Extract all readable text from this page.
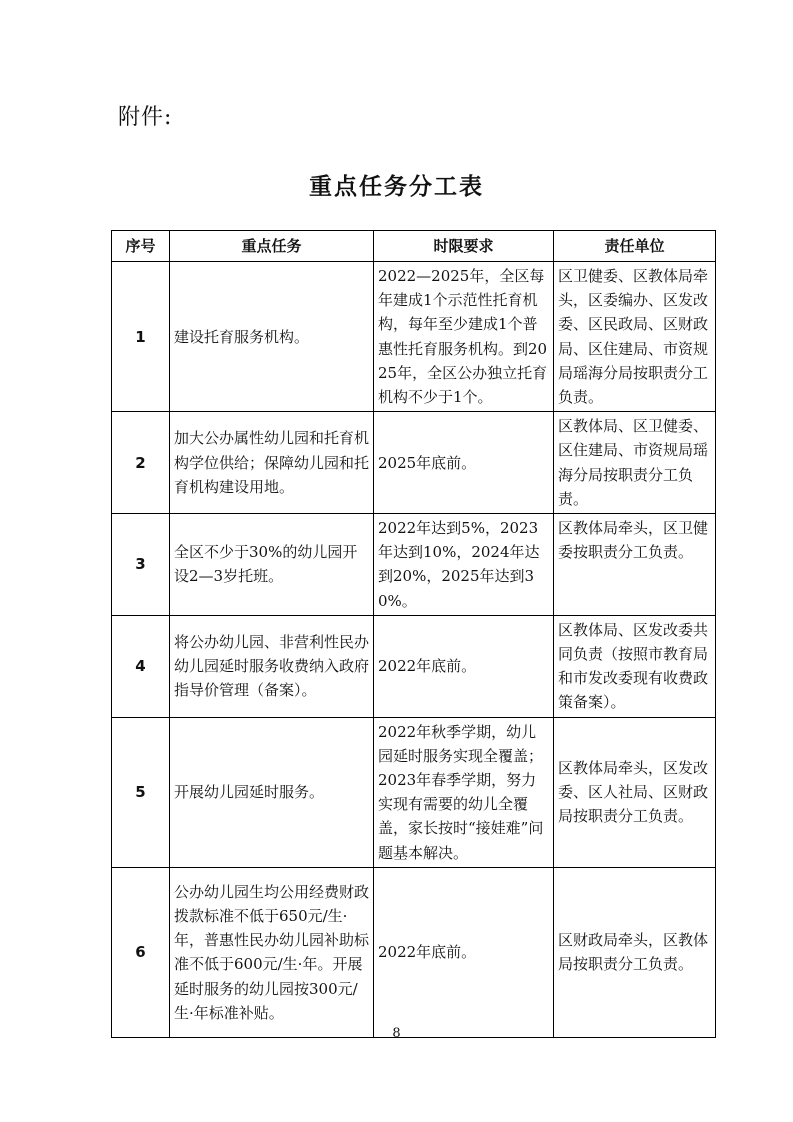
附件:
重点任务分工表
序号	重点任务	时限要求	责任单位
1	建设托育服务机构。	2022—2025年，全区每年建成1个示范性托育机构，每年至少建成1个普惠性托育服务机构。到2025年，全区公办独立托育机构不少于1个。	区卫健委、区教体局牵头，区委编办、区发改委、区民政局、区财政局、区住建局、市资规局瑶海分局按职责分工负责。
2	加大公办属性幼儿园和托育机构学位供给；保障幼儿园和托育机构建设用地。	2025年底前。	区教体局、区卫健委、区住建局、市资规局瑶海分局按职责分工负责。
3	全区不少于30%的幼儿园开设2—3岁托班。	2022年达到5%，2023年达到10%，2024年达到20%，2025年达到30%。	区教体局牵头，区卫健委按职责分工负责。
4	将公办幼儿园、非营利性民办幼儿园延时服务收费纳入政府指导价管理（备案）。	2022年底前。	区教体局、区发改委共同负责（按照市教育局和市发改委现有收费政策备案）。
5	开展幼儿园延时服务。	2022年秋季学期，幼儿园延时服务实现全覆盖；2023年春季学期，努力实现有需要的幼儿全覆盖，家长按时“接娃难”问题基本解决。	区教体局牵头，区发改委、区人社局、区财政局按职责分工负责。
6	公办幼儿园生均公用经费财政拨款标准不低于650元/生·年，普惠性民办幼儿园补助标准不低于600元/生·年。开展延时服务的幼儿园按300元/生·年标准补贴。	2022年底前。	区财政局牵头，区教体局按职责分工负责。
8
